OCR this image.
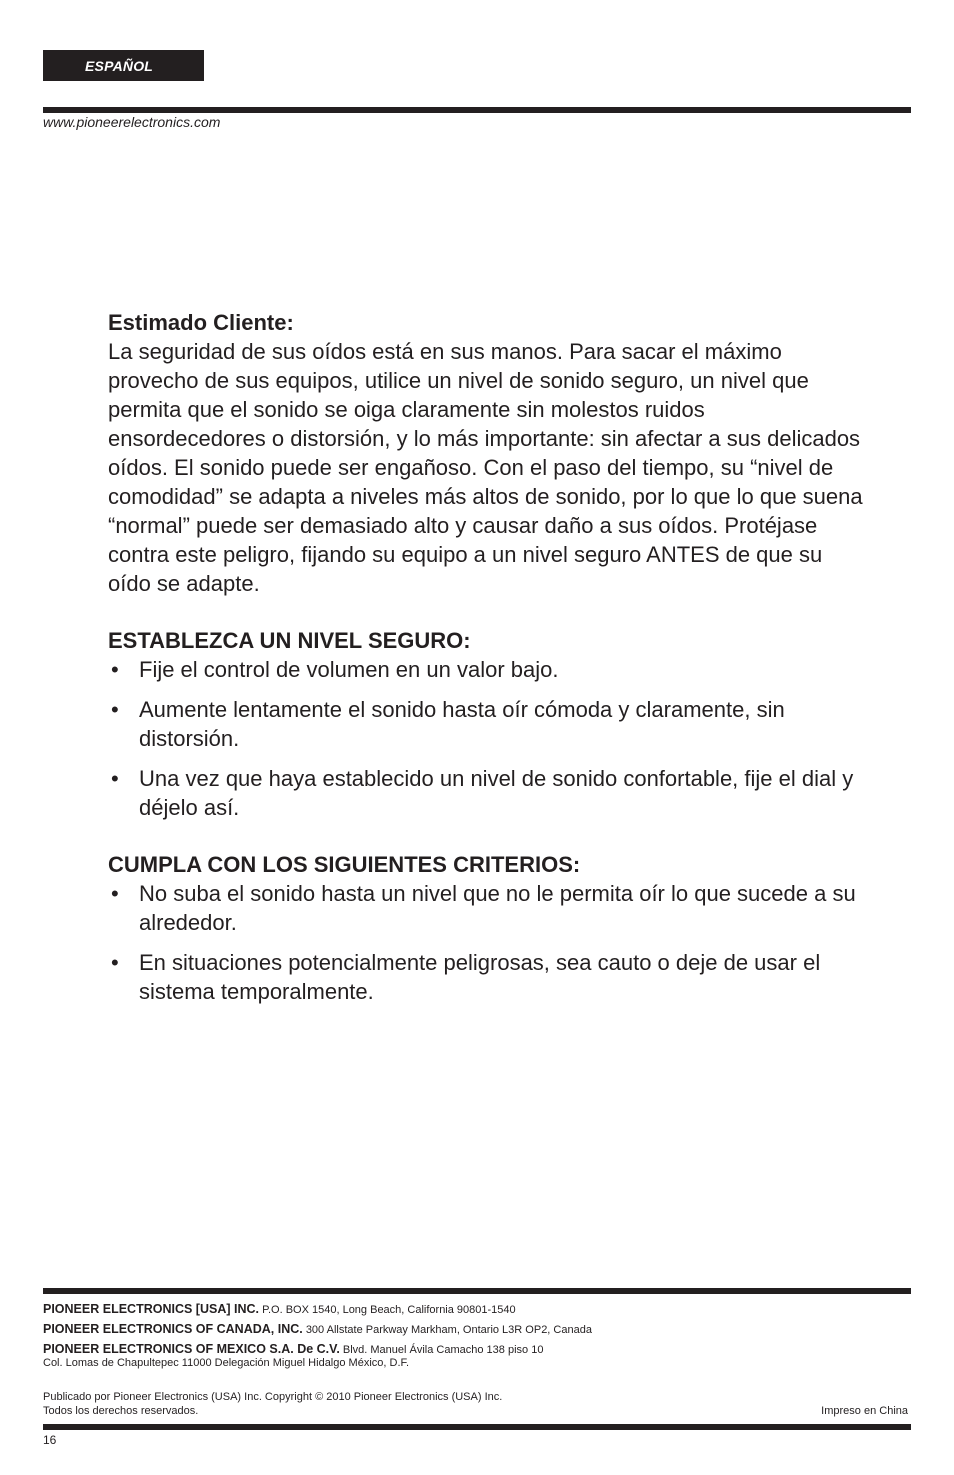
ESPAÑOL
www.pioneerelectronics.com
Estimado Cliente:

La seguridad de sus oídos está en sus manos. Para sacar el máximo provecho de sus equipos, utilice un nivel de sonido seguro, un nivel que permita que el sonido se oiga claramente sin molestos ruidos ensordecedores o distorsión, y lo más importante: sin afectar a sus delicados oídos. El sonido puede ser engañoso. Con el paso del tiempo, su “nivel de comodidad” se adapta a niveles más altos de sonido, por lo que lo que suena “normal” puede ser demasiado alto y causar daño a sus oídos. Protéjase contra este peligro, fijando su equipo a un nivel seguro ANTES de que su oído se adapte.

ESTABLEZCA UN NIVEL SEGURO:
• Fije el control de volumen en un valor bajo.
• Aumente lentamente el sonido hasta oír cómoda y claramente, sin distorsión.
• Una vez que haya establecido un nivel de sonido confortable, fije el dial y déjelo así.
CUMPLA CON LOS SIGUIENTES CRITERIOS:
• No suba el sonido hasta un nivel que no le permita oír lo que sucede a su alrededor.
• En situaciones potencialmente peligrosas, sea cauto o deje de usar el sistema temporalmente.
PIONEER ELECTRONICS [USA] INC. P.O. BOX 1540, Long Beach, California 90801-1540
PIONEER ELECTRONICS OF CANADA, INC. 300 Allstate Parkway Markham, Ontario L3R OP2, Canada
PIONEER ELECTRONICS OF MEXICO S.A. De C.V. Blvd. Manuel Ávila Camacho 138 piso 10
Col. Lomas de Chapultepec 11000 Delegación Miguel Hidalgo México, D.F.
Publicado por Pioneer Electronics (USA) Inc. Copyright © 2010 Pioneer Electronics (USA) Inc.
Todos los derechos reservados.	Impreso en China
16
